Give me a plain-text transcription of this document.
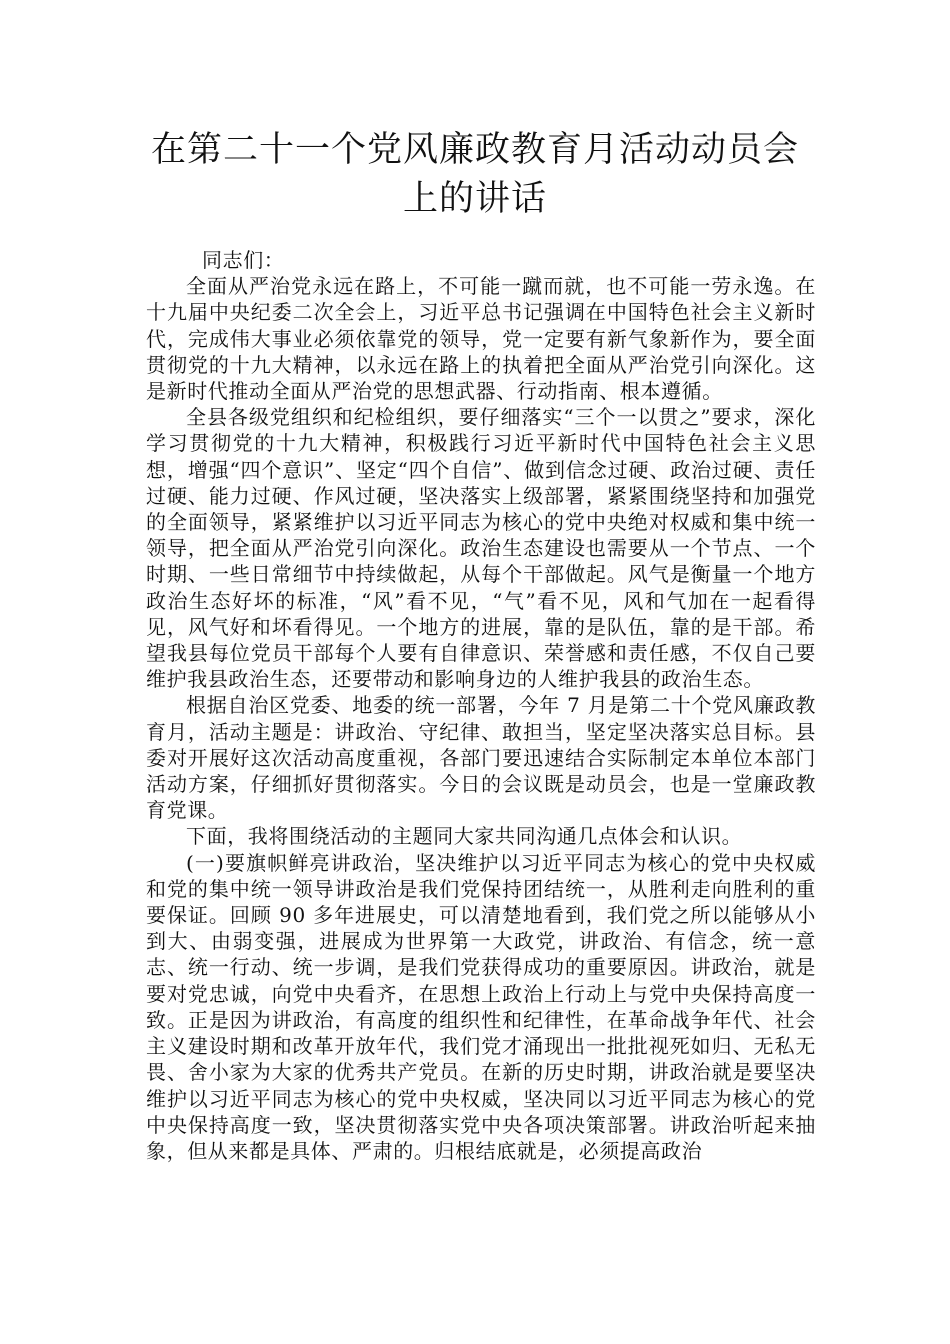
在第二十一个党风廉政教育月活动动员会
上的讲话

同志们：

全面从严治党永远在路上，不可能一蹴而就，也不可能一劳永逸。在十九届中央纪委二次全会上，习近平总书记强调在中国特色社会主义新时代，完成伟大事业必须依靠党的领导，党一定要有新气象新作为，要全面贯彻党的十九大精神，以永远在路上的执着把全面从严治党引向深化。这是新时代推动全面从严治党的思想武器、行动指南、根本遵循。

全县各级党组织和纪检组织，要仔细落实“三个一以贯之”要求，深化学习贯彻党的十九大精神，积极践行习近平新时代中国特色社会主义思想，增强“四个意识”、坚定“四个自信”、做到信念过硬、政治过硬、责任过硬、能力过硬、作风过硬，坚决落实上级部署，紧紧围绕坚持和加强党的全面领导，紧紧维护以习近平同志为核心的党中央绝对权威和集中统一领导，把全面从严治党引向深化。政治生态建设也需要从一个节点、一个时期、一些日常细节中持续做起，从每个干部做起。风气是衡量一个地方政治生态好坏的标准，“风”看不见，“气”看不见，风和气加在一起看得见，风气好和坏看得见。一个地方的进展，靠的是队伍，靠的是干部。希望我县每位党员干部每个人要有自律意识、荣誉感和责任感，不仅自己要维护我县政治生态，还要带动和影响身边的人维护我县的政治生态。

根据自治区党委、地委的统一部署，今年 7 月是第二十个党风廉政教育月，活动主题是：讲政治、守纪律、敢担当，坚定坚决落实总目标。县委对开展好这次活动高度重视，各部门要迅速结合实际制定本单位本部门活动方案，仔细抓好贯彻落实。今日的会议既是动员会，也是一堂廉政教育党课。

下面，我将围绕活动的主题同大家共同沟通几点体会和认识。

(一)要旗帜鲜亮讲政治，坚决维护以习近平同志为核心的党中央权威和党的集中统一领导讲政治是我们党保持团结统一，从胜利走向胜利的重要保证。回顾 90 多年进展史，可以清楚地看到，我们党之所以能够从小到大、由弱变强，进展成为世界第一大政党，讲政治、有信念，统一意志、统一行动、统一步调，是我们党获得成功的重要原因。讲政治，就是要对党忠诚，向党中央看齐，在思想上政治上行动上与党中央保持高度一致。正是因为讲政治，有高度的组织性和纪律性，在革命战争年代、社会主义建设时期和改革开放年代，我们党才涌现出一批批视死如归、无私无畏、舍小家为大家的优秀共产党员。在新的历史时期，讲政治就是要坚决维护以习近平同志为核心的党中央权威，坚决同以习近平同志为核心的党中央保持高度一致，坚决贯彻落实党中央各项决策部署。讲政治听起来抽象，但从来都是具体、严肃的。归根结底就是，必须提高政治
